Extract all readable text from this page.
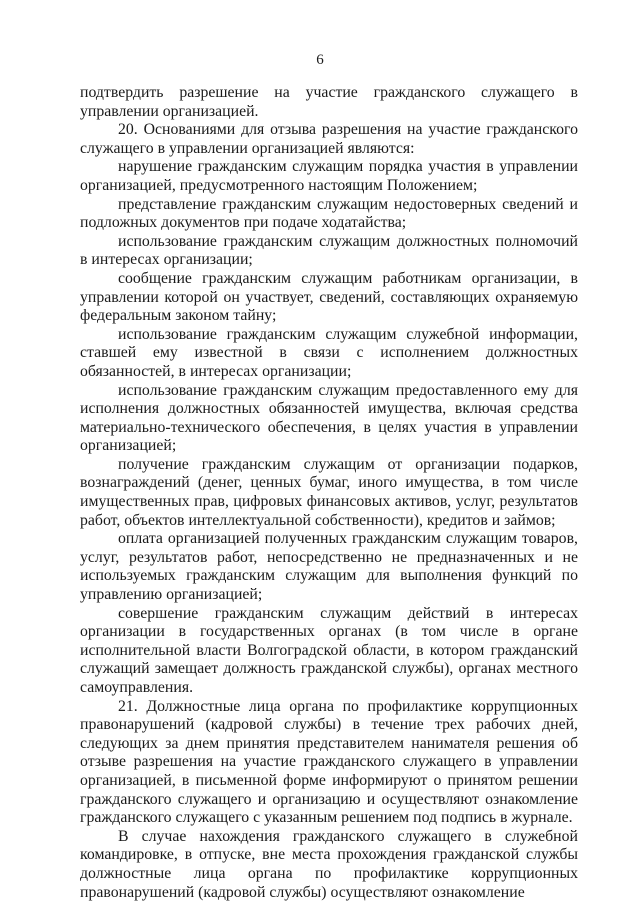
6

подтвердить разрешение на участие гражданского служащего в управлении организацией.

20. Основаниями для отзыва разрешения на участие гражданского служащего в управлении организацией являются:

нарушение гражданским служащим порядка участия в управлении организацией, предусмотренного настоящим Положением;

представление гражданским служащим недостоверных сведений и подложных документов при подаче ходатайства;

использование гражданским служащим должностных полномочий в интересах организации;

сообщение гражданским служащим работникам организации, в управлении которой он участвует, сведений, составляющих охраняемую федеральным законом тайну;

использование гражданским служащим служебной информации, ставшей ему известной в связи с исполнением должностных обязанностей, в интересах организации;

использование гражданским служащим предоставленного ему для исполнения должностных обязанностей имущества, включая средства материально-технического обеспечения, в целях участия в управлении организацией;

получение гражданским служащим от организации подарков, вознаграждений (денег, ценных бумаг, иного имущества, в том числе имущественных прав, цифровых финансовых активов, услуг, результатов работ, объектов интеллектуальной собственности), кредитов и займов;

оплата организацией полученных гражданским служащим товаров, услуг, результатов работ, непосредственно не предназначенных и не используемых гражданским служащим для выполнения функций по управлению организацией;

совершение гражданским служащим действий в интересах организации в государственных органах (в том числе в органе исполнительной власти Волгоградской области, в котором гражданский служащий замещает должность гражданской службы), органах местного самоуправления.

21. Должностные лица органа по профилактике коррупционных правонарушений (кадровой службы) в течение трех рабочих дней, следующих за днем принятия представителем нанимателя решения об отзыве разрешения на участие гражданского служащего в управлении организацией, в письменной форме информируют о принятом решении гражданского служащего и организацию и осуществляют ознакомление гражданского служащего с указанным решением под подпись в журнале.

В случае нахождения гражданского служащего в служебной командировке, в отпуске, вне места прохождения гражданской службы должностные лица органа по профилактике коррупционных правонарушений (кадровой службы) осуществляют ознакомление
